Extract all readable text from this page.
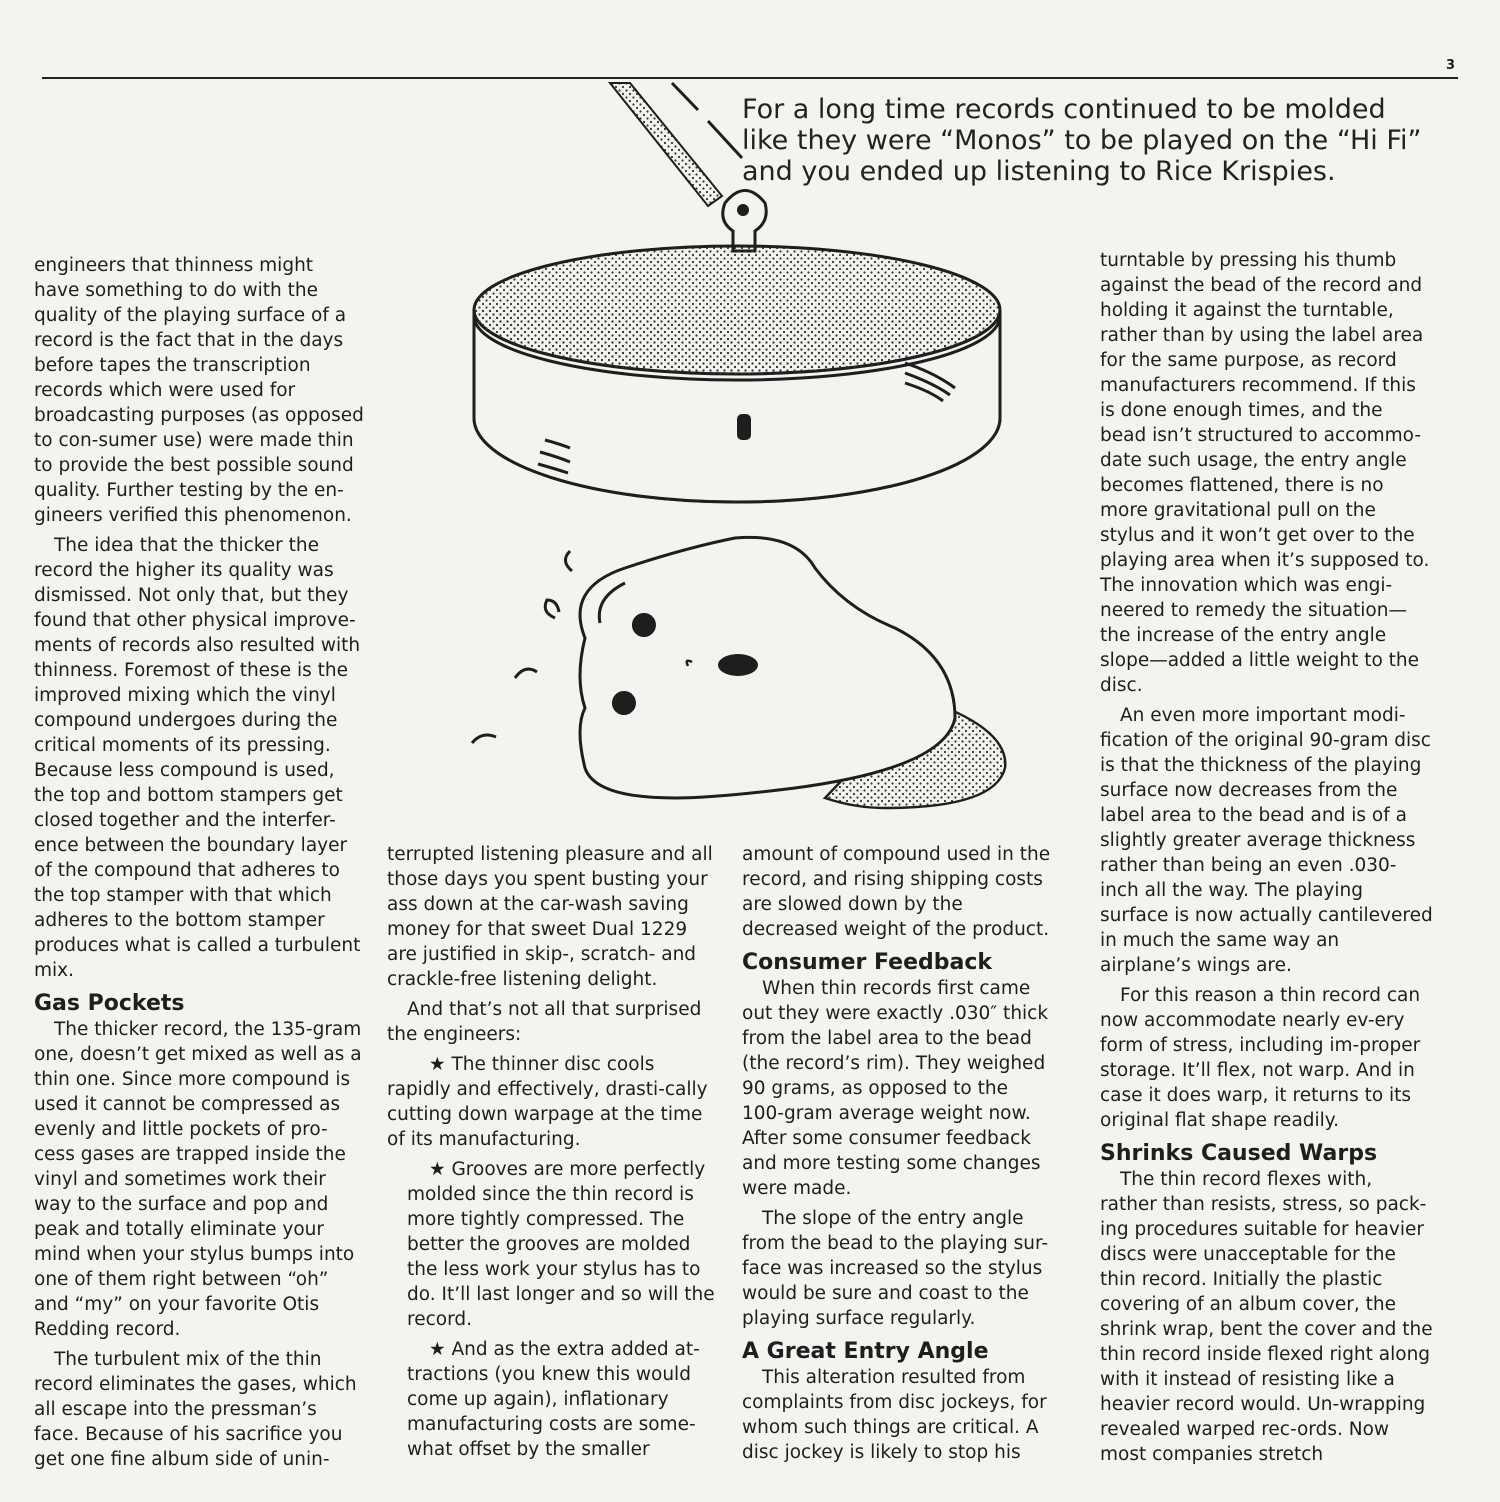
3
For a long time records continued to be molded
like they were “Monos” to be played on the “Hi Fi”
and you ended up listening to Rice Krispies.

engineers that thinness might have something to do with the quality of the playing surface of a record is the fact that in the days before tapes the transcription records which were used for broadcasting purposes (as opposed to con-sumer use) were made thin to provide the best possible sound quality. Further testing by the en-gineers verified this phenomenon.

The idea that the thicker the record the higher its quality was dismissed. Not only that, but they found that other physical improve-ments of records also resulted with thinness. Foremost of these is the improved mixing which the vinyl compound undergoes during the critical moments of its pressing. Because less compound is used, the top and bottom stampers get closed together and the interfer-ence between the boundary layer of the compound that adheres to the top stamper with that which adheres to the bottom stamper produces what is called a turbulent mix.

Gas Pockets

The thicker record, the 135-gram one, doesn’t get mixed as well as a thin one. Since more compound is used it cannot be compressed as evenly and little pockets of pro-cess gases are trapped inside the vinyl and sometimes work their way to the surface and pop and peak and totally eliminate your mind when your stylus bumps into one of them right between “oh” and “my” on your favorite Otis Redding record.

The turbulent mix of the thin record eliminates the gases, which all escape into the pressman’s face. Because of his sacrifice you get one fine album side of unin-

terrupted listening pleasure and all those days you spent busting your ass down at the car-wash saving money for that sweet Dual 1229 are justified in skip-, scratch- and crackle-free listening delight.

And that’s not all that surprised the engineers:

★ The thinner disc cools rapidly and effectively, drasti-cally cutting down warpage at the time of its manufacturing.

★ Grooves are more perfectly molded since the thin record is more tightly compressed. The better the grooves are molded the less work your stylus has to do. It’ll last longer and so will the record.

★ And as the extra added at-tractions (you knew this would come up again), inflationary manufacturing costs are some-what offset by the smaller

amount of compound used in the record, and rising shipping costs are slowed down by the decreased weight of the product.

Consumer Feedback

When thin records first came out they were exactly .030″ thick from the label area to the bead (the record’s rim). They weighed 90 grams, as opposed to the 100-gram average weight now. After some consumer feedback and more testing some changes were made.

The slope of the entry angle from the bead to the playing sur-face was increased so the stylus would be sure and coast to the playing surface regularly.

A Great Entry Angle

This alteration resulted from complaints from disc jockeys, for whom such things are critical. A disc jockey is likely to stop his

turntable by pressing his thumb against the bead of the record and holding it against the turntable, rather than by using the label area for the same purpose, as record manufacturers recommend. If this is done enough times, and the bead isn’t structured to accommo-date such usage, the entry angle becomes flattened, there is no more gravitational pull on the stylus and it won’t get over to the playing area when it’s supposed to. The innovation which was engi-neered to remedy the situation—the increase of the entry angle slope—added a little weight to the disc.

An even more important modi-fication of the original 90-gram disc is that the thickness of the playing surface now decreases from the label area to the bead and is of a slightly greater average thickness rather than being an even .030-inch all the way. The playing surface is now actually cantilevered in much the same way an airplane’s wings are.

For this reason a thin record can now accommodate nearly ev-ery form of stress, including im-proper storage. It’ll flex, not warp. And in case it does warp, it returns to its original flat shape readily.

Shrinks Caused Warps

The thin record flexes with, rather than resists, stress, so pack-ing procedures suitable for heavier discs were unacceptable for the thin record. Initially the plastic covering of an album cover, the shrink wrap, bent the cover and the thin record inside flexed right along with it instead of resisting like a heavier record would. Un-wrapping revealed warped rec-ords. Now most companies stretch
